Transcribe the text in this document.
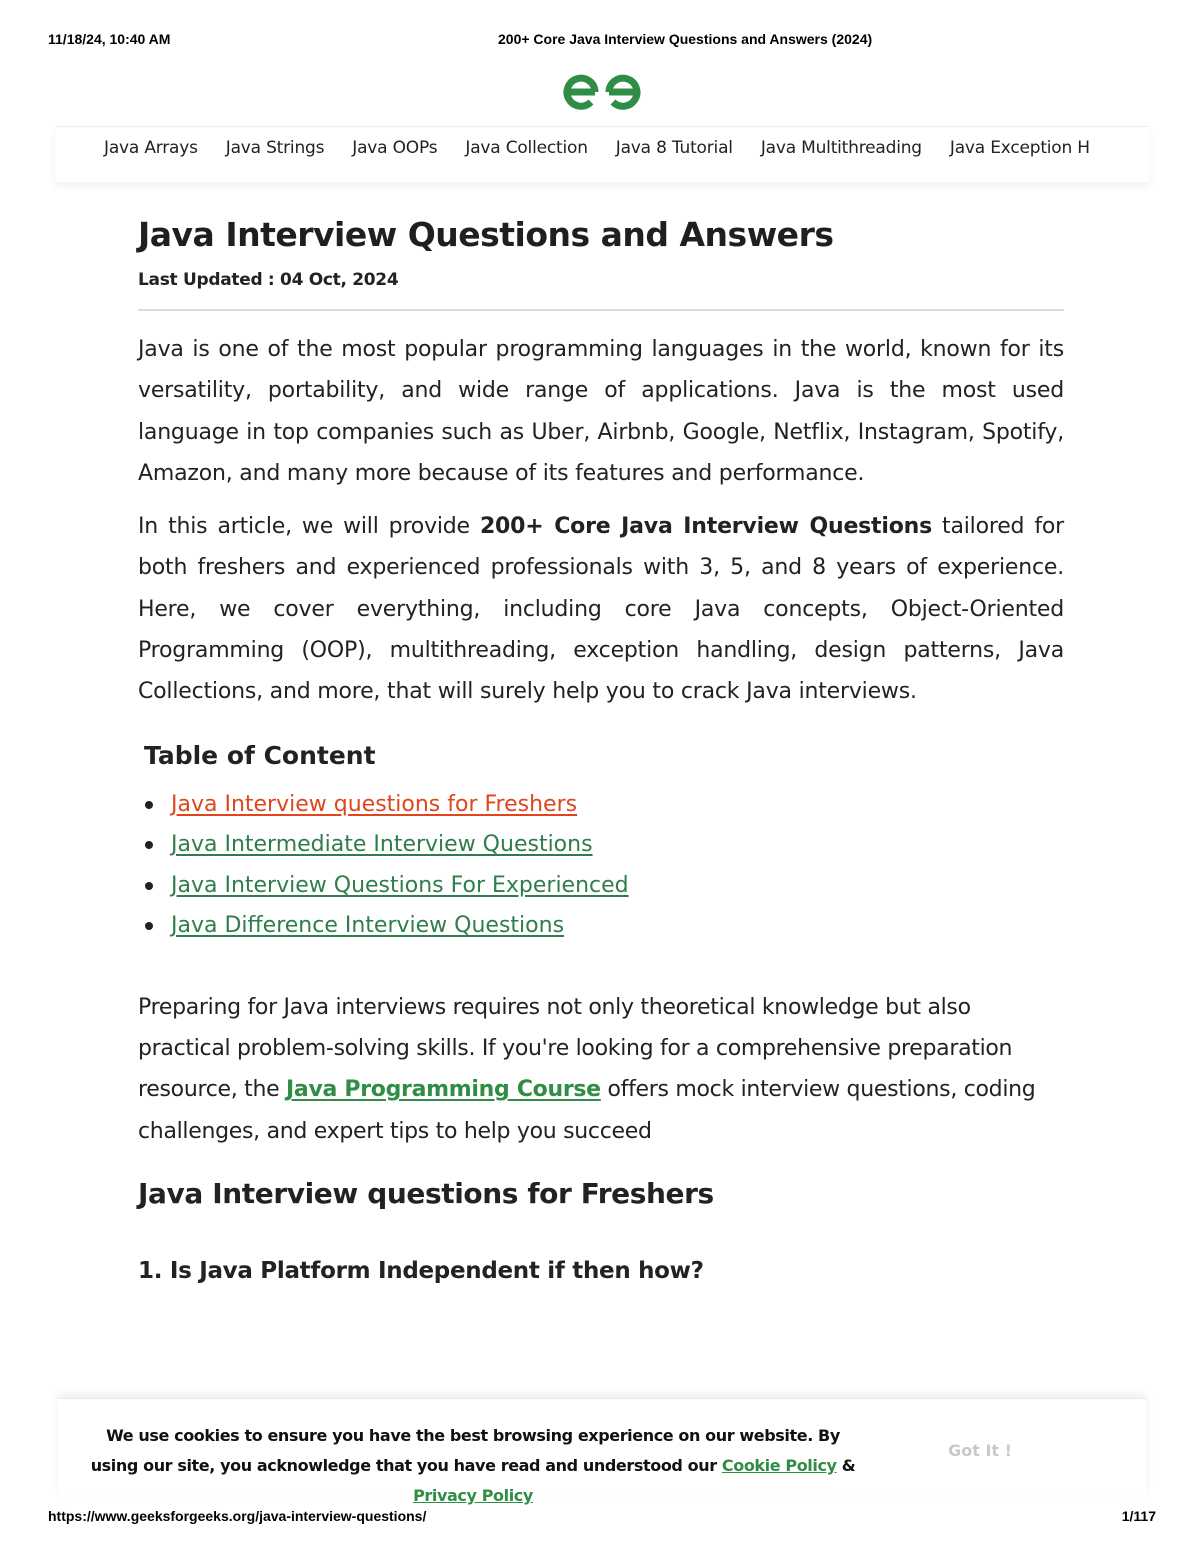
11/18/24, 10:40 AM	200+ Core Java Interview Questions and Answers (2024)
Java Arrays Java Strings Java OOPs Java Collection Java 8 Tutorial Java Multithreading Java Exception H
Java Interview Questions and Answers
Last Updated : 04 Oct, 2024

Java is one of the most popular programming languages in the world, known for its versatility, portability, and wide range of applications. Java is the most used language in top companies such as Uber, Airbnb, Google, Netflix, Instagram, Spotify, Amazon, and many more because of its features and performance.

In this article, we will provide 200+ Core Java Interview Questions tailored for both freshers and experienced professionals with 3, 5, and 8 years of experience. Here, we cover everything, including core Java concepts, Object-Oriented Programming (OOP), multithreading, exception handling, design patterns, Java Collections, and more, that will surely help you to crack Java interviews.

Table of Content
Java Interview questions for Freshers
Java Intermediate Interview Questions
Java Interview Questions For Experienced
Java Difference Interview Questions

Preparing for Java interviews requires not only theoretical knowledge but also practical problem-solving skills. If you're looking for a comprehensive preparation resource, the Java Programming Course offers mock interview questions, coding challenges, and expert tips to help you succeed

Java Interview questions for Freshers
1. Is Java Platform Independent if then how?
We use cookies to ensure you have the best browsing experience on our website. By using our site, you acknowledge that you have read and understood our Cookie Policy & Privacy Policy
Got It !
https://www.geeksforgeeks.org/java-interview-questions/	1/117
